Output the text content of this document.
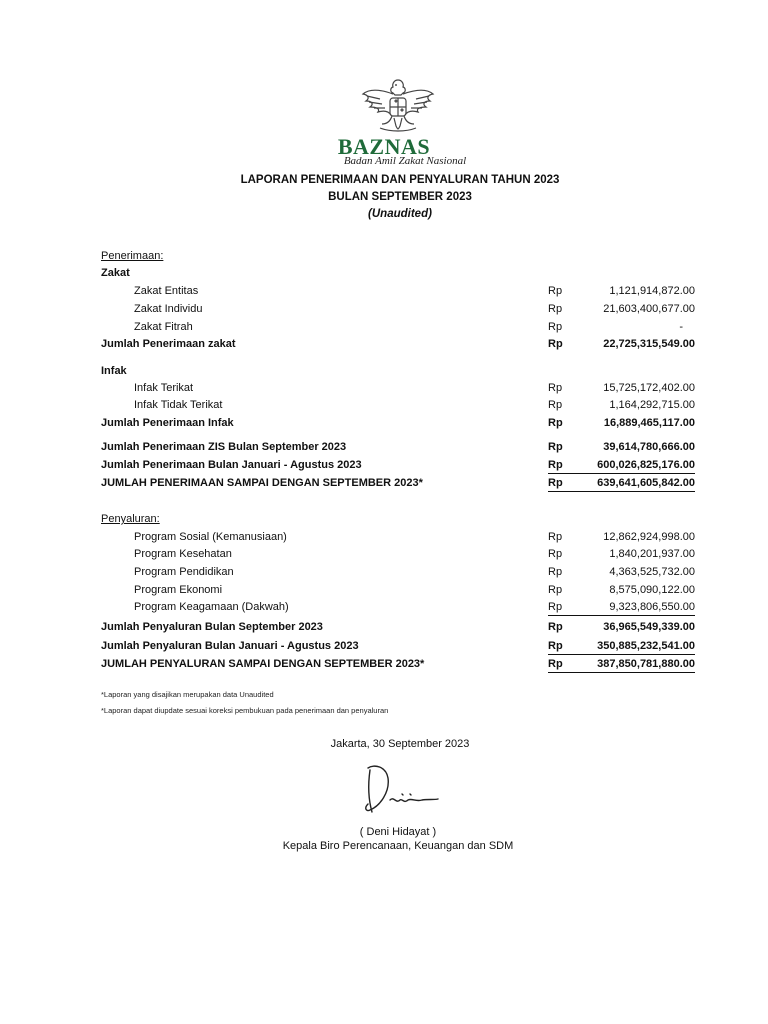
BAZNAS
Badan Amil Zakat Nasional
LAPORAN PENERIMAAN DAN PENYALURAN TAHUN 2023
BULAN SEPTEMBER 2023
(Unaudited)
Penerimaan:
Zakat
Zakat Entitas	Rp	1,121,914,872.00
Zakat Individu	Rp	21,603,400,677.00
Zakat Fitrah	Rp	-
Jumlah Penerimaan zakat	Rp	22,725,315,549.00
Infak
Infak Terikat	Rp	15,725,172,402.00
Infak Tidak Terikat	Rp	1,164,292,715.00
Jumlah Penerimaan Infak	Rp	16,889,465,117.00
Jumlah Penerimaan ZIS Bulan September 2023	Rp	39,614,780,666.00
Jumlah Penerimaan Bulan Januari - Agustus 2023	Rp	600,026,825,176.00
JUMLAH PENERIMAAN SAMPAI DENGAN SEPTEMBER 2023*	Rp	639,641,605,842.00
Penyaluran:
Program Sosial (Kemanusiaan)	Rp	12,862,924,998.00
Program Kesehatan	Rp	1,840,201,937.00
Program Pendidikan	Rp	4,363,525,732.00
Program Ekonomi	Rp	8,575,090,122.00
Program Keagamaan (Dakwah)	Rp	9,323,806,550.00
Jumlah Penyaluran Bulan September 2023	Rp	36,965,549,339.00
Jumlah Penyaluran Bulan Januari - Agustus 2023	Rp	350,885,232,541.00
JUMLAH PENYALURAN SAMPAI DENGAN SEPTEMBER 2023*	Rp	387,850,781,880.00
*Laporan yang disajikan merupakan data Unaudited
*Laporan dapat diupdate sesuai koreksi pembukuan pada penerimaan dan penyaluran
Jakarta, 30 September 2023
( Deni Hidayat )
Kepala Biro Perencanaan, Keuangan dan SDM
